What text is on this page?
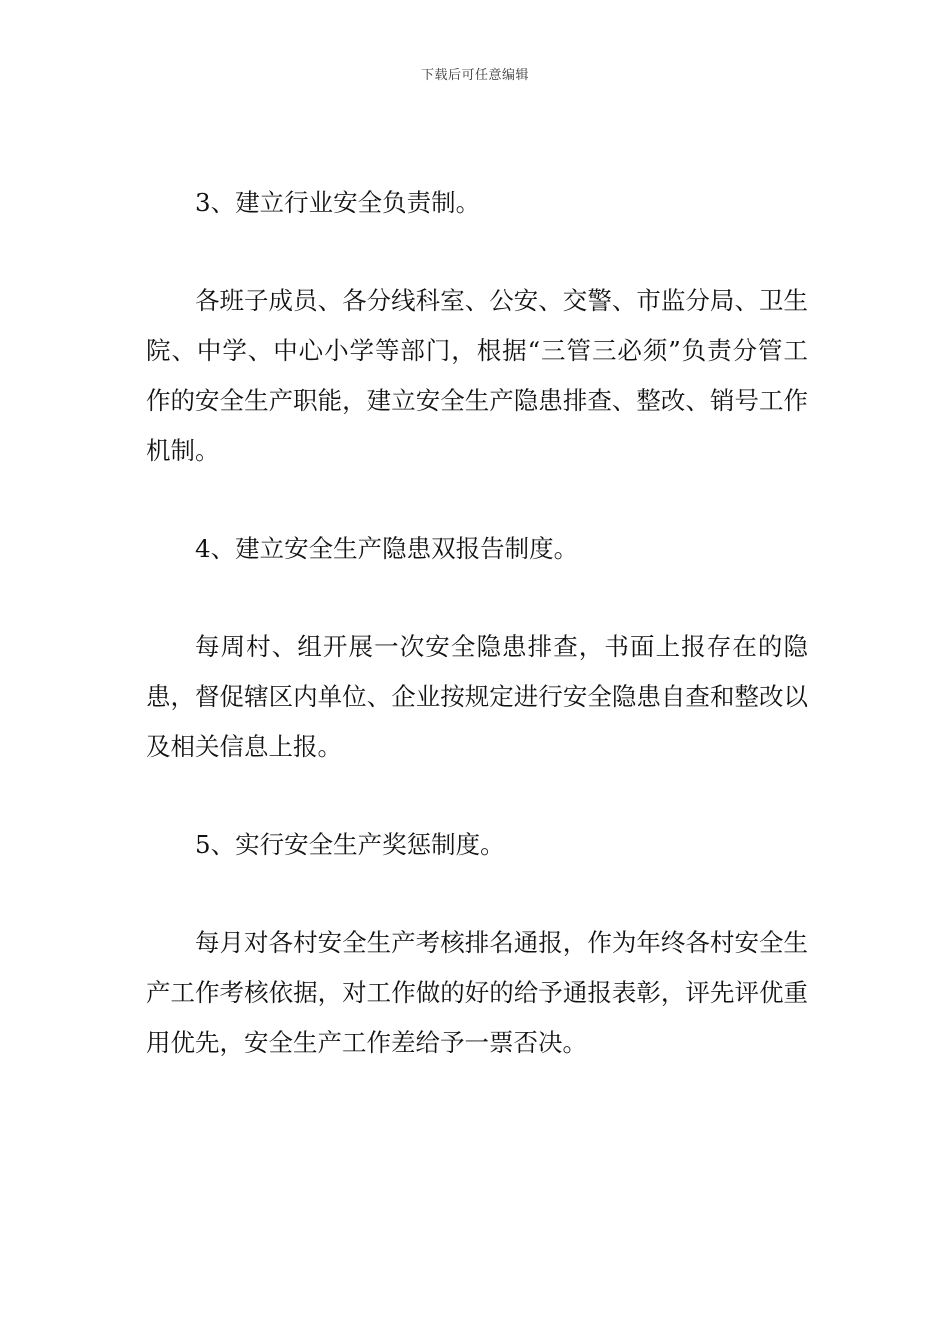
下载后可任意编辑

3、建立行业安全负责制。

各班子成员、各分线科室、公安、交警、市监分局、卫生院、中学、中心小学等部门，根据“三管三必须”负责分管工作的安全生产职能，建立安全生产隐患排查、整改、销号工作机制。

4、建立安全生产隐患双报告制度。

每周村、组开展一次安全隐患排查，书面上报存在的隐患，督促辖区内单位、企业按规定进行安全隐患自查和整改以及相关信息上报。

5、实行安全生产奖惩制度。

每月对各村安全生产考核排名通报，作为年终各村安全生产工作考核依据，对工作做的好的给予通报表彰，评先评优重用优先，安全生产工作差给予一票否决。
